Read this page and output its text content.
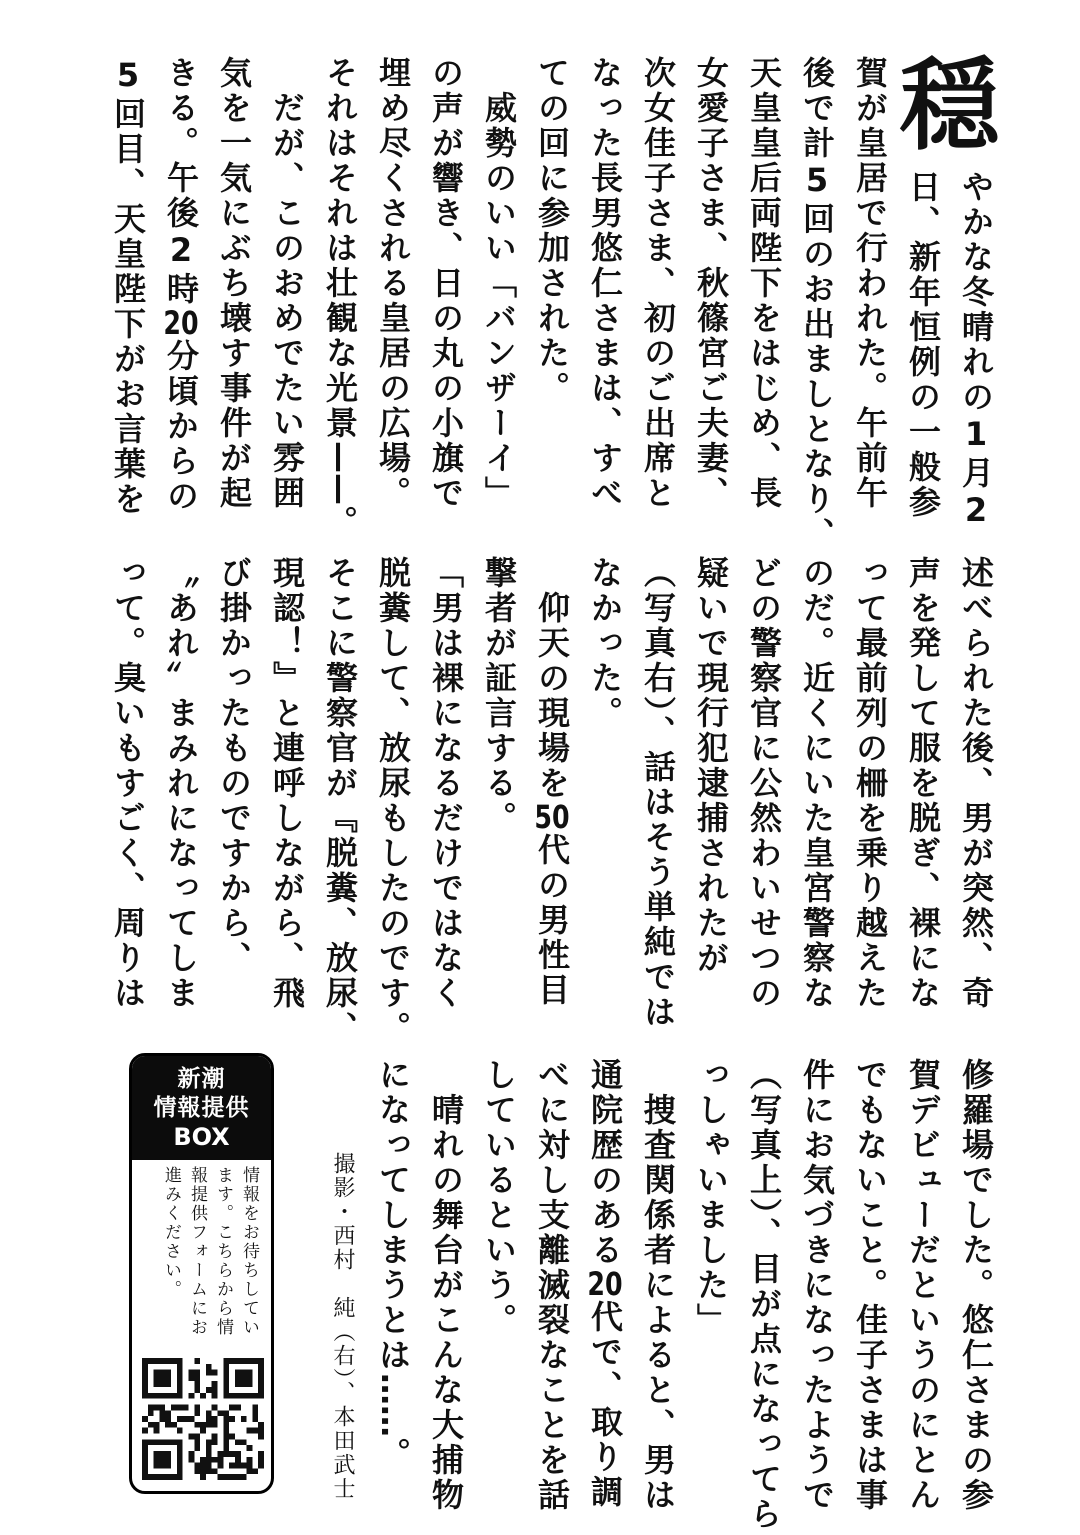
穏
やかな冬晴れの1月2
日、新年恒例の一般参
賀が皇居で行われた。午前午
後で計5回のお出ましとなり、
天皇皇后両陛下をはじめ、長
女愛子さま、秋篠宮ご夫妻、
次女佳子さま、初のご出席と
なった長男悠仁さまは、すべ
ての回に参加された。
　威勢のいい「バンザーイ」
の声が響き、日の丸の小旗で
埋め尽くされる皇居の広場。
それはそれは壮観な光景——。
　だが、このおめでたい雰囲
気を一気にぶち壊す事件が起
きる。午後2時20分頃からの
5回目、天皇陛下がお言葉を
述べられた後、男が突然、奇
声を発して服を脱ぎ、裸にな
って最前列の柵を乗り越えた
のだ。近くにいた皇宮警察な
どの警察官に公然わいせつの
疑いで現行犯逮捕されたが
（写真右）、話はそう単純では
なかった。
　仰天の現場を50代の男性目
撃者が証言する。
「男は裸になるだけではなく
脱糞して、放尿もしたのです。
そこに警察官が『脱糞、放尿、
現認！』と連呼しながら、飛
び掛かったものですから、
〝あれ〟まみれになってしま
って。臭いもすごく、周りは
修羅場でした。悠仁さまの参
賀デビューだというのにとん
でもないこと。佳子さまは事
件にお気づきになったようで
（写真上）、目が点になってら
っしゃいました」
　捜査関係者によると、男は
通院歴のある20代で、取り調
べに対し支離滅裂なことを話
しているという。
　晴れの舞台がこんな大捕物
になってしまうとは……。
撮影・西村　純（右）、本田武士
新潮
情報提供
BOX
情報をお待ちしてい
ます。こちらから情
報提供フォームにお
進みください。
